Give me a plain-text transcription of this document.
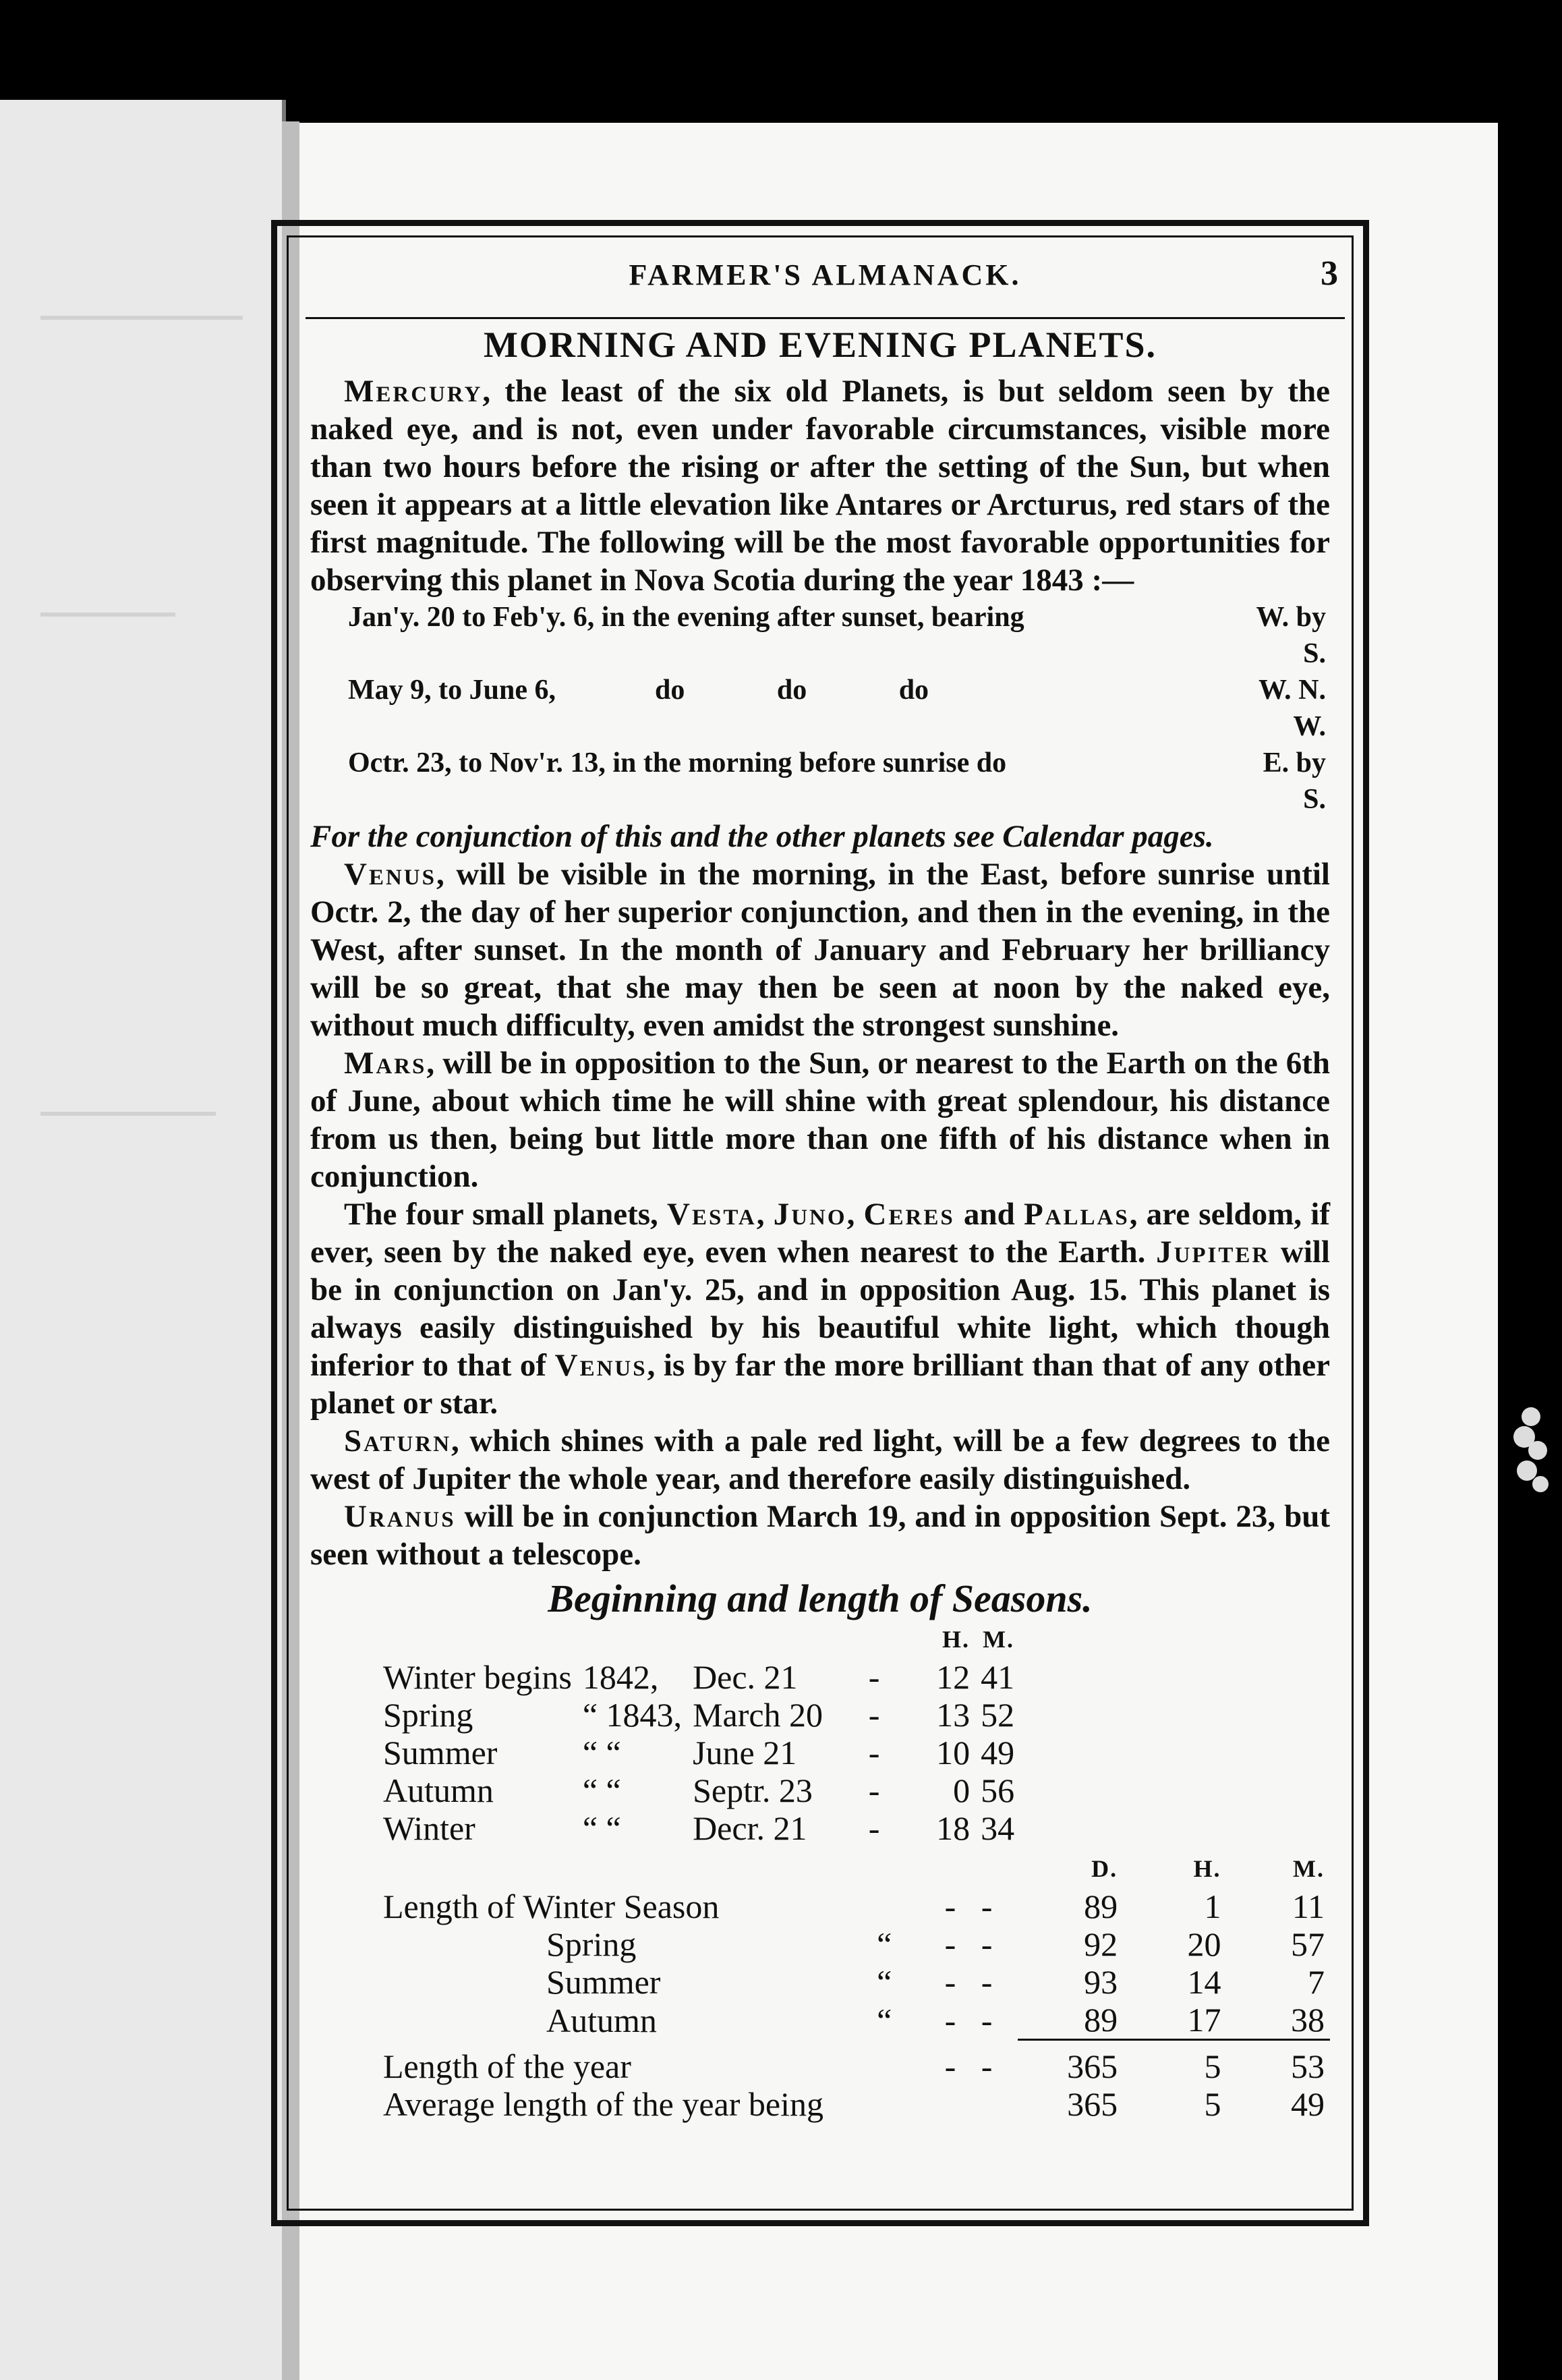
FARMER'S ALMANACK.	3
MORNING AND EVENING PLANETS.

Mercury, the least of the six old Planets, is but seldom seen by the naked eye, and is not, even under favorable circumstances, visible more than two hours before the rising or after the setting of the Sun, but when seen it appears at a little elevation like Antares or Arcturus, red stars of the first magnitude. The following will be the most favorable opportunities for observing this planet in Nova Scotia during the year 1843 :—

Jan'y. 20 to Feb'y. 6, in the evening after sunset, bearing	W. by S.
May 9, to June 6,              do             do             do	W. N. W.
Octr. 23, to Nov'r. 13, in the morning before sunrise do	E. by S.

For the conjunction of this and the other planets see Calendar pages.

Venus, will be visible in the morning, in the East, before sunrise until Octr. 2, the day of her superior conjunction, and then in the evening, in the West, after sunset. In the month of January and February her brilliancy will be so great, that she may then be seen at noon by the naked eye, without much difficulty, even amidst the strongest sunshine.

Mars, will be in opposition to the Sun, or nearest to the Earth on the 6th of June, about which time he will shine with great splendour, his distance from us then, being but little more than one fifth of his distance when in conjunction.

The four small planets, Vesta, Juno, Ceres and Pallas, are seldom, if ever, seen by the naked eye, even when nearest to the Earth. Jupiter will be in conjunction on Jan'y. 25, and in opposition Aug. 15. This planet is always easily distinguished by his beautiful white light, which though inferior to that of Venus, is by far the more brilliant than that of any other planet or star.

Saturn, which shines with a pale red light, will be a few degrees to the west of Jupiter the whole year, and therefore easily distinguished.

Uranus will be in conjunction March 19, and in opposition Sept. 23, but seen without a telescope.

Beginning and length of Seasons.
					H.	M.
Winter begins	1842,	Dec. 21	-		12	41
Spring	“ 1843,	March 20	-		13	52
Summer	“ “	June 21	-		10	49
Autumn	“ “	Septr. 23	-		0	56
Winter	“ “	Decr. 21	-		18	34
			D.	H.	M.
Length of Winter Season		-   -	89	1	11
Spring	“	-   -	92	20	57
Summer	“	-   -	93	14	7
Autumn	“	-   -	89	17	38

Length of the year		-   -	365	5	53
Average length of the year being			365	5	49
